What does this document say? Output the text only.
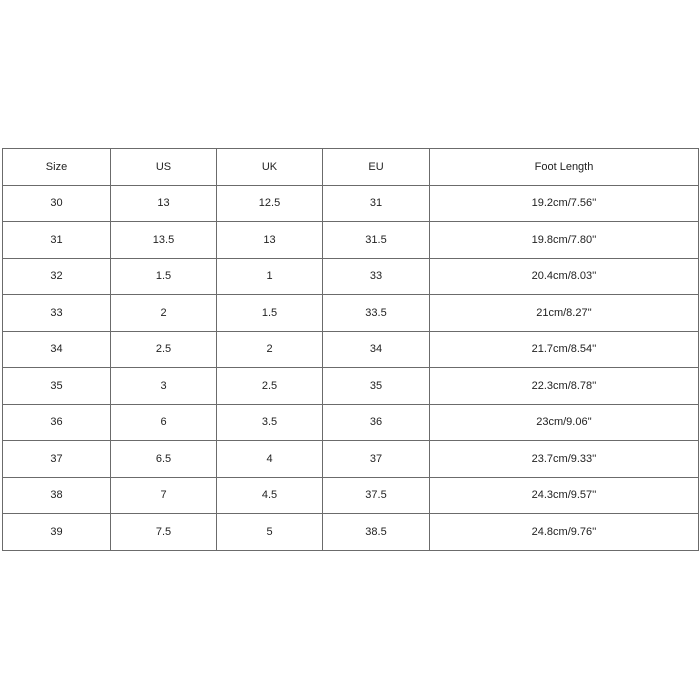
Size	US	UK	EU	Foot Length
30	13	12.5	31	19.2cm/7.56''
31	13.5	13	31.5	19.8cm/7.80''
32	1.5	1	33	20.4cm/8.03''
33	2	1.5	33.5	21cm/8.27''
34	2.5	2	34	21.7cm/8.54''
35	3	2.5	35	22.3cm/8.78''
36	6	3.5	36	23cm/9.06''
37	6.5	4	37	23.7cm/9.33''
38	7	4.5	37.5	24.3cm/9.57''
39	7.5	5	38.5	24.8cm/9.76''
